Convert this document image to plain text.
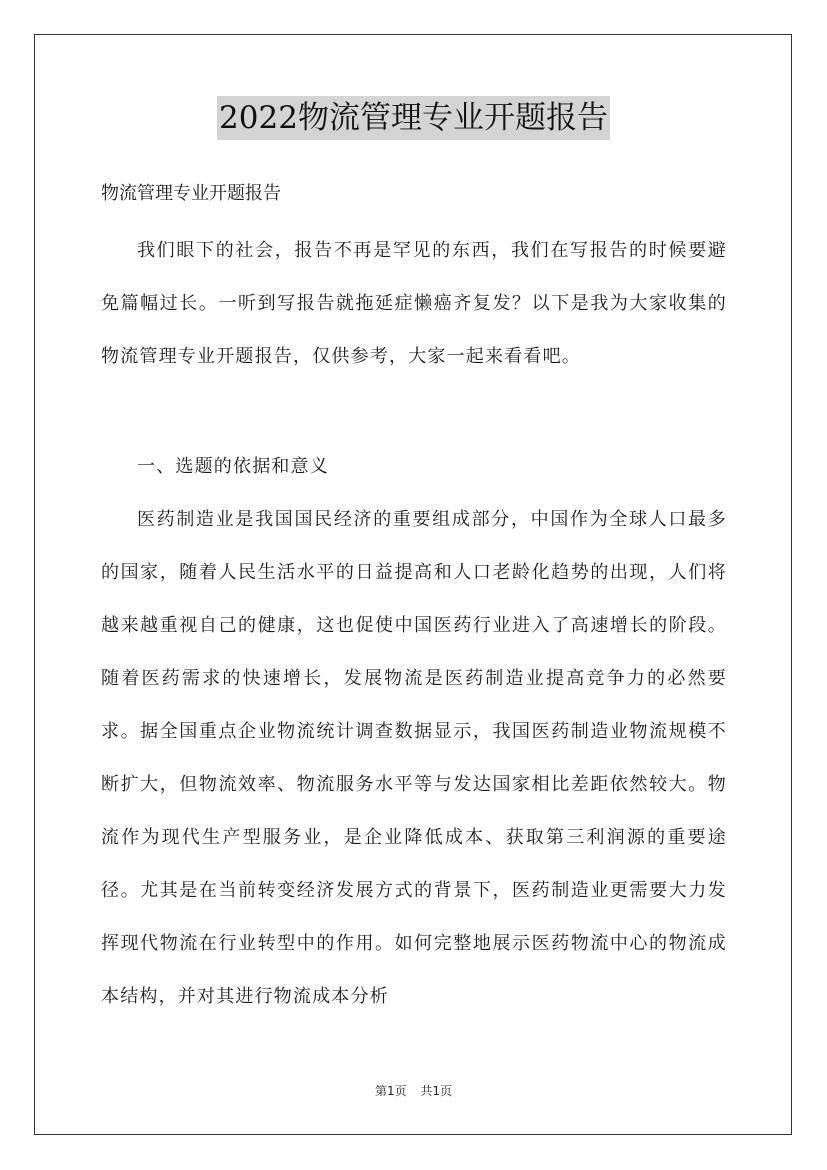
2022物流管理专业开题报告
物流管理专业开题报告

我们眼下的社会，报告不再是罕见的东西，我们在写报告的时候要避免篇幅过长。一听到写报告就拖延症懒癌齐复发？以下是我为大家收集的物流管理专业开题报告，仅供参考，大家一起来看看吧。

一、选题的依据和意义

医药制造业是我国国民经济的重要组成部分，中国作为全球人口最多的国家，随着人民生活水平的日益提高和人口老龄化趋势的出现，人们将越来越重视自己的健康，这也促使中国医药行业进入了高速增长的阶段。随着医药需求的快速增长，发展物流是医药制造业提高竞争力的必然要求。据全国重点企业物流统计调查数据显示，我国医药制造业物流规模不断扩大，但物流效率、物流服务水平等与发达国家相比差距依然较大。物流作为现代生产型服务业，是企业降低成本、获取第三利润源的重要途径。尤其是在当前转变经济发展方式的背景下，医药制造业更需要大力发挥现代物流在行业转型中的作用。如何完整地展示医药物流中心的物流成本结构，并对其进行物流成本分析

第1页 共1页
